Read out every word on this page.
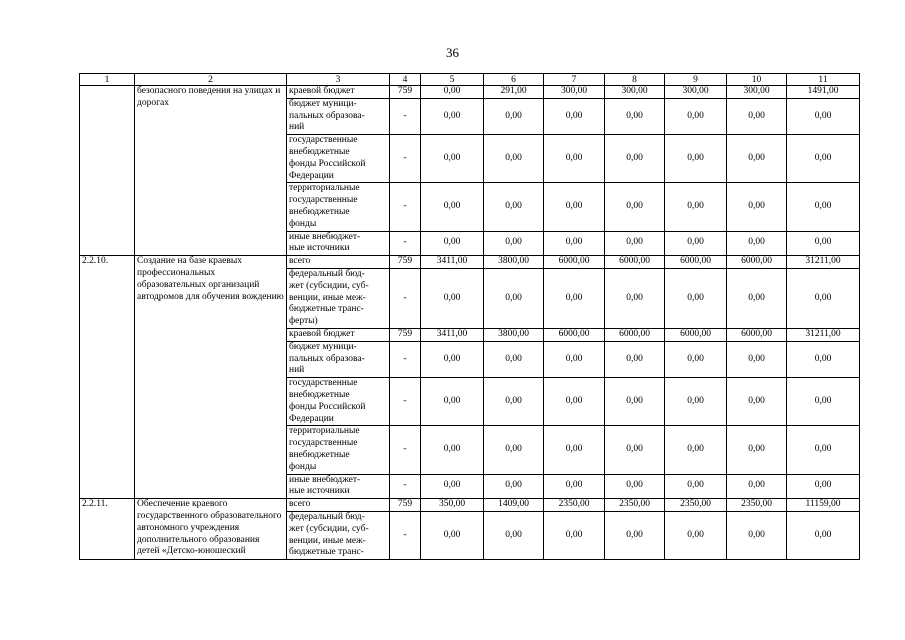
36
1	2	3	4	5	6	7	8	9	10	11
	безопасного поведения на улицах и дорогах	краевой бюджет	759	0,00	291,00	300,00	300,00	300,00	300,00	1491,00
		бюджет муници-
пальных образова-
ний	-	0,00	0,00	0,00	0,00	0,00	0,00	0,00
		государственные
внебюджетные
фонды Российской
Федерации	-	0,00	0,00	0,00	0,00	0,00	0,00	0,00
		территориальные
государственные
внебюджетные
фонды	-	0,00	0,00	0,00	0,00	0,00	0,00	0,00
		иные внебюджет-
ные источники	-	0,00	0,00	0,00	0,00	0,00	0,00	0,00
2.2.10.	Создание на базе краевых профессиональных образовательных организаций автодромов для обучения вождению	всего	759	3411,00	3800,00	6000,00	6000,00	6000,00	6000,00	31211,00
		федеральный бюд-
жет (субсидии, суб-
венции, иные меж-
бюджетные транс-
ферты)	-	0,00	0,00	0,00	0,00	0,00	0,00	0,00
		краевой бюджет	759	3411,00	3800,00	6000,00	6000,00	6000,00	6000,00	31211,00
		бюджет муници-
пальных образова-
ний	-	0,00	0,00	0,00	0,00	0,00	0,00	0,00
		государственные
внебюджетные
фонды Российской
Федерации	-	0,00	0,00	0,00	0,00	0,00	0,00	0,00
		территориальные
государственные
внебюджетные
фонды	-	0,00	0,00	0,00	0,00	0,00	0,00	0,00
		иные внебюджет-
ные источники	-	0,00	0,00	0,00	0,00	0,00	0,00	0,00
2.2.11.	Обеспечение краевого государственного образовательного автономного учреждения дополнительного образования детей «Детско-юношеский	всего	759	350,00	1409,00	2350,00	2350,00	2350,00	2350,00	11159,00
		федеральный бюд-
жет (субсидии, суб-
венции, иные меж-
бюджетные транс-	-	0,00	0,00	0,00	0,00	0,00	0,00	0,00
